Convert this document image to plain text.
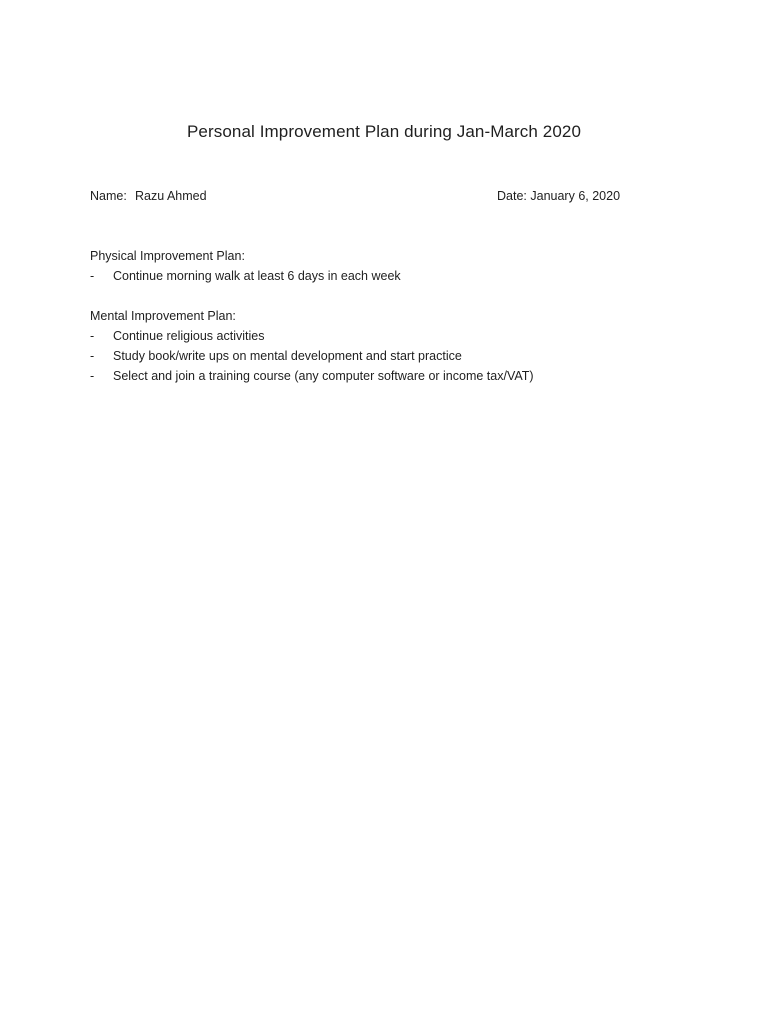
Personal Improvement Plan during Jan-March 2020
Name: Razu Ahmed	Date: January 6, 2020
Physical Improvement Plan:
- Continue morning walk at least 6 days in each week
Mental Improvement Plan:
- Continue religious activities
- Study book/write ups on mental development and start practice
- Select and join a training course (any computer software or income tax/VAT)
